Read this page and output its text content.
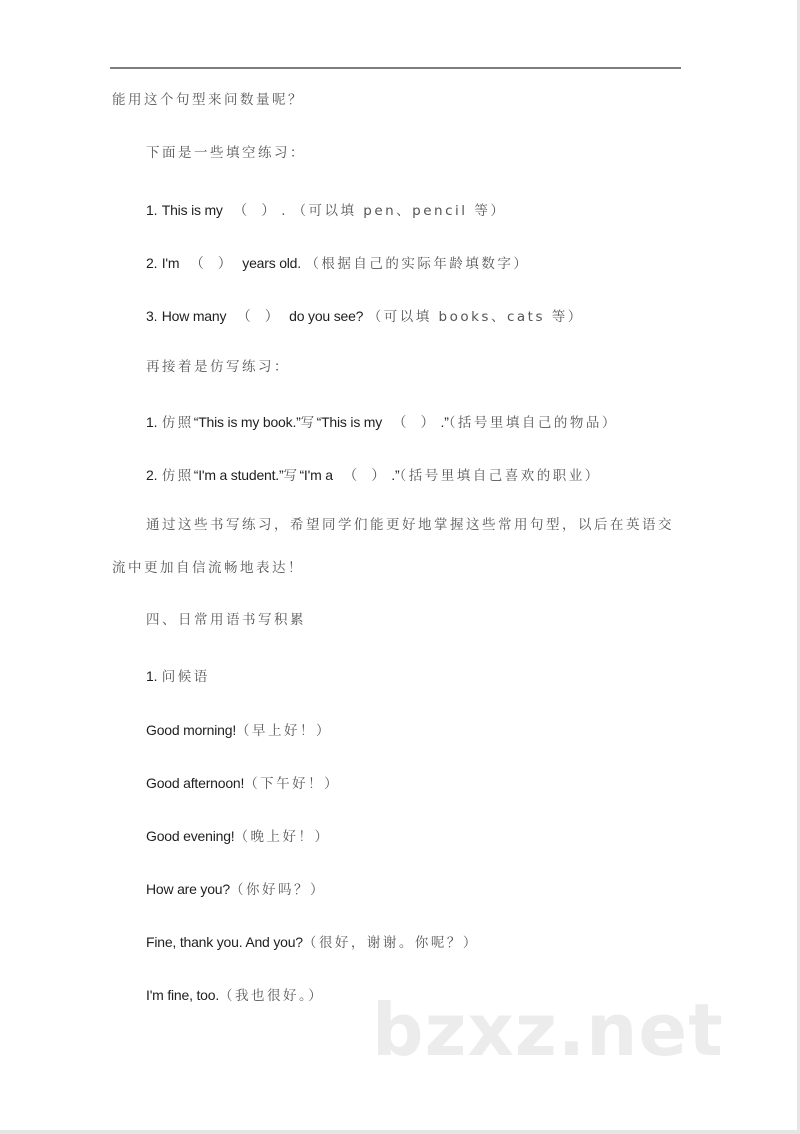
能用这个句型来问数量呢？
下面是一些填空练习：
1. This is my （　） . （可以填 pen、pencil 等）
2. I'm （　） years old. （根据自己的实际年龄填数字）
3. How many （　） do you see? （可以填 books、cats 等）
再接着是仿写练习：
1. 仿照“This is my book.”写“This is my （　） .”（括号里填自己的物品）
2. 仿照“I'm a student.”写“I'm a （　） .”（括号里填自己喜欢的职业）
通过这些书写练习，希望同学们能更好地掌握这些常用句型，以后在英语交
流中更加自信流畅地表达！
四、日常用语书写积累
1. 问候语
Good morning!（早上好！）
Good afternoon!（下午好！）
Good evening!（晚上好！）
How are you?（你好吗？）
Fine, thank you. And you?（很好，谢谢。你呢？）
I'm fine, too.（我也很好。） bzxz.net
